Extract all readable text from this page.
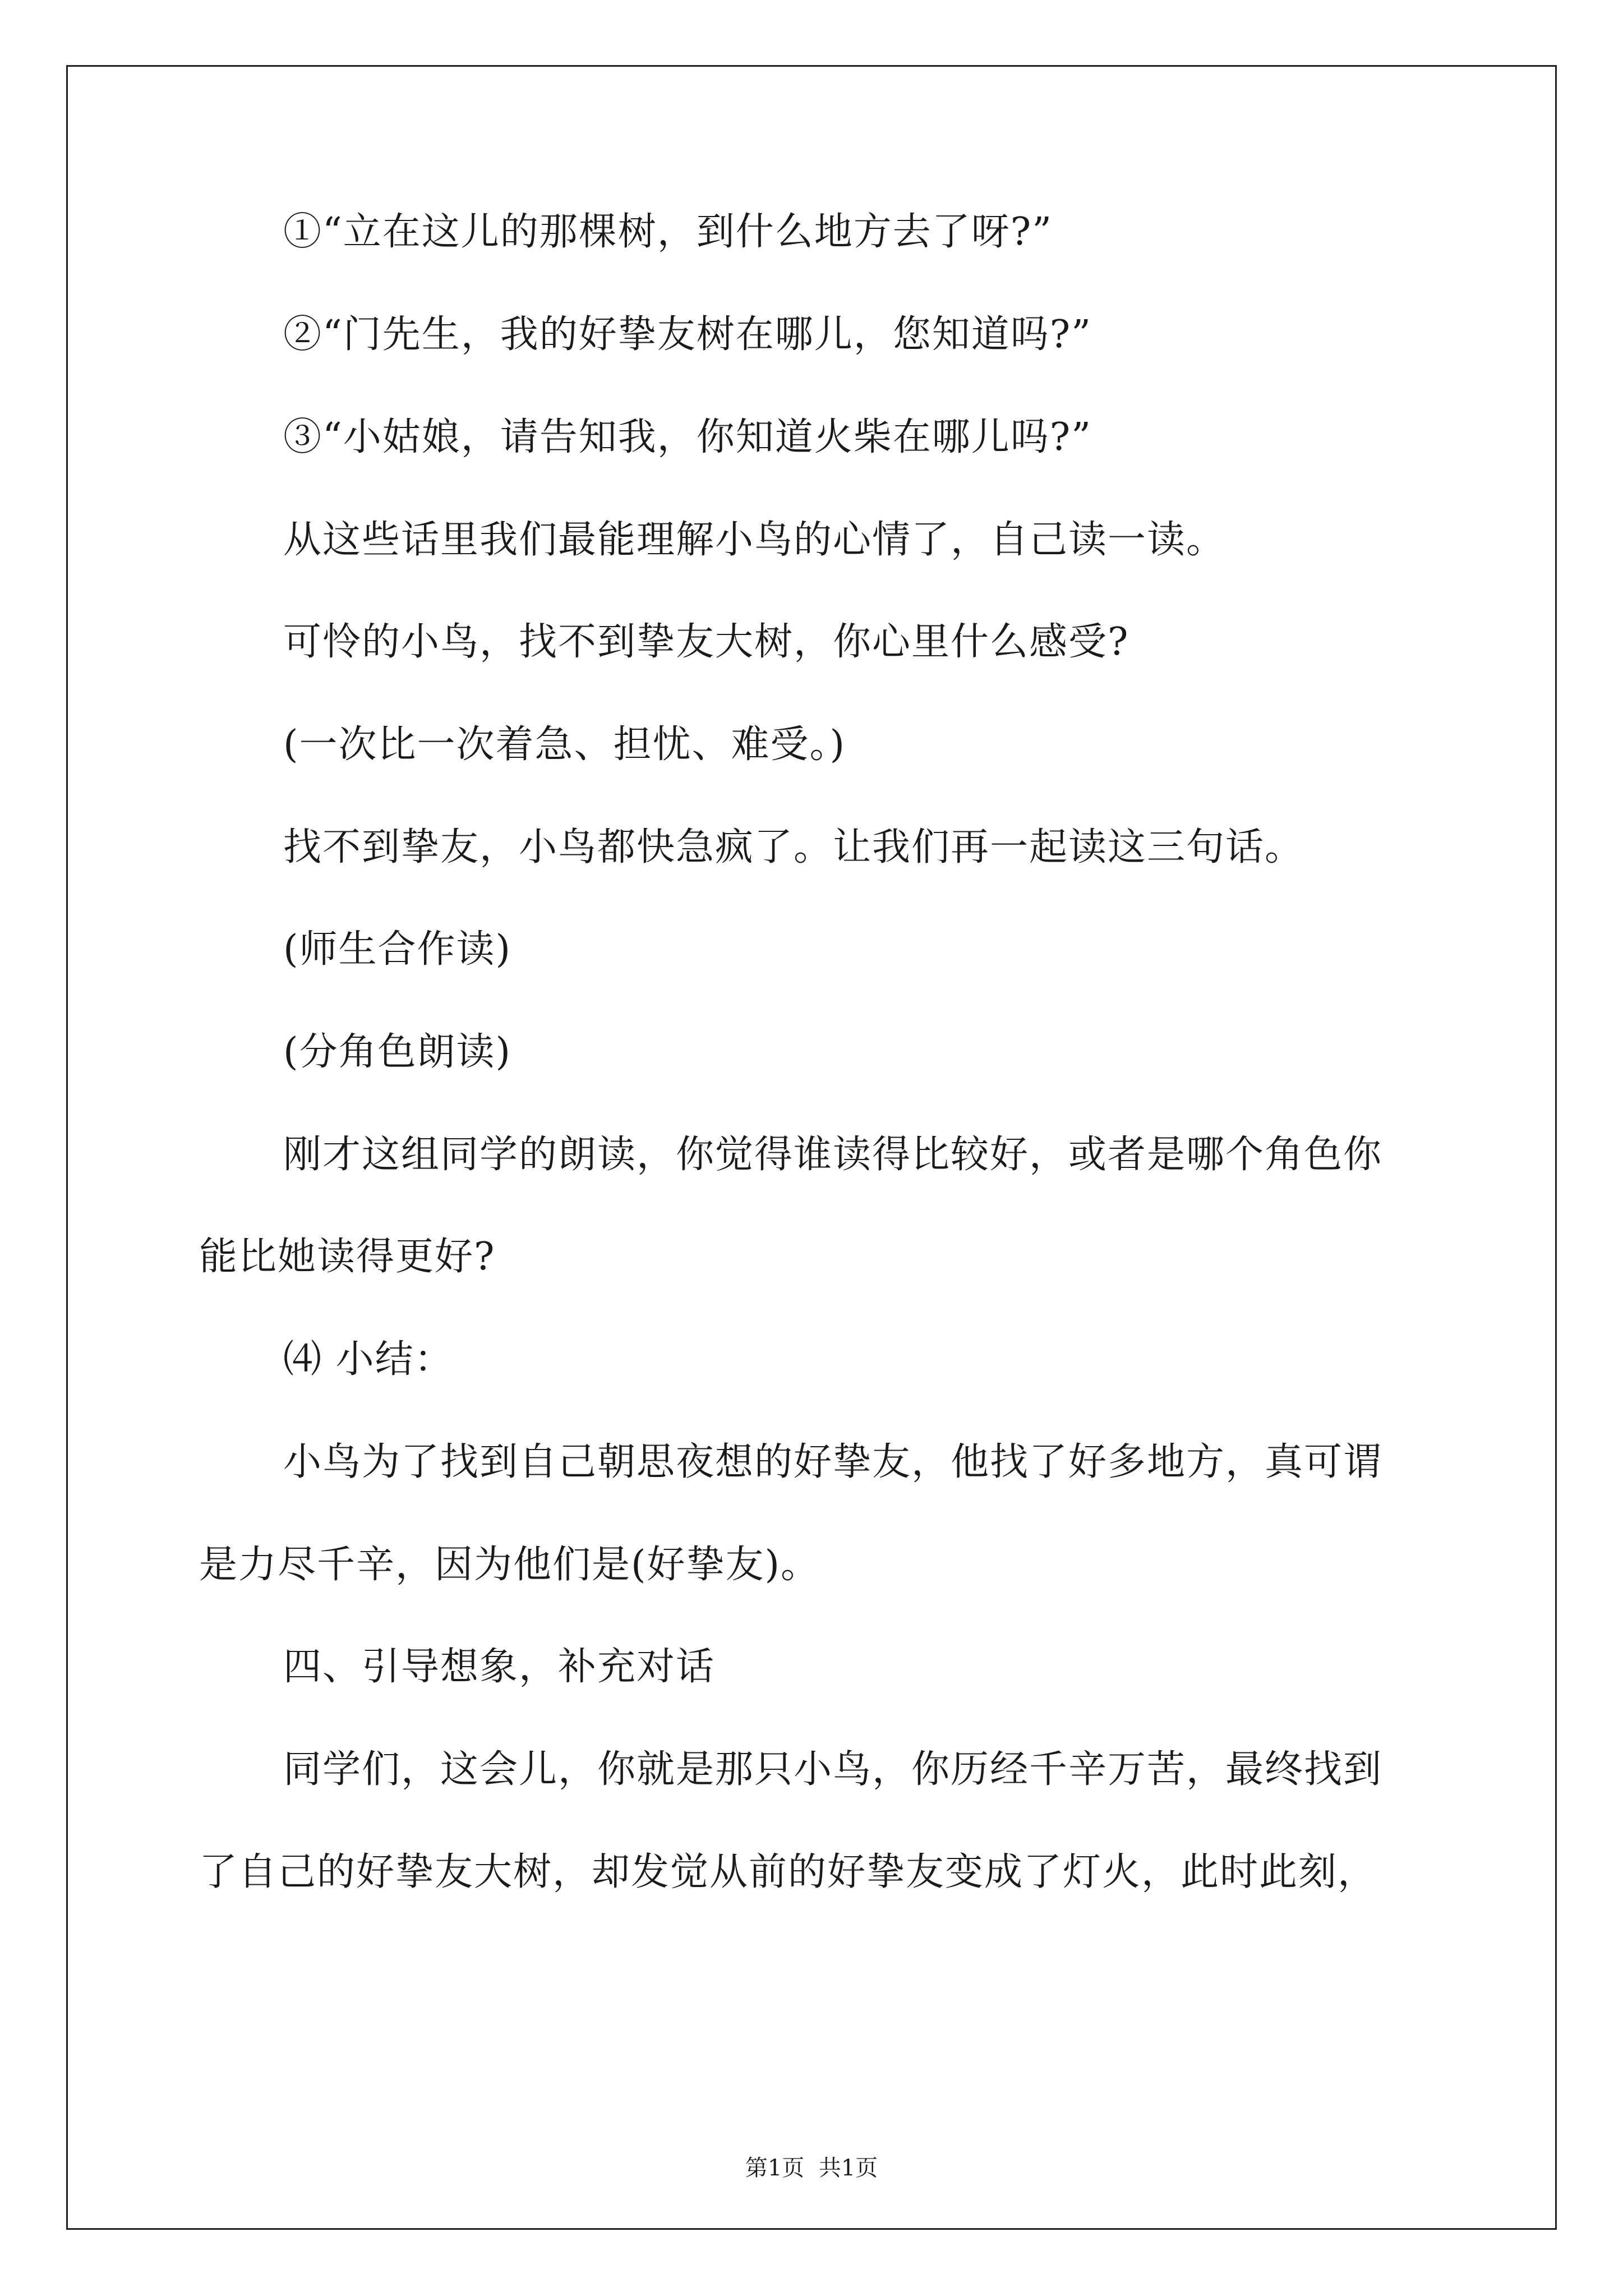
①“立在这儿的那棵树，到什么地方去了呀?”
②“门先生，我的好挚友树在哪儿，您知道吗?”
③“小姑娘，请告知我，你知道火柴在哪儿吗?”
从这些话里我们最能理解小鸟的心情了，自己读一读。
可怜的小鸟，找不到挚友大树，你心里什么感受?
(一次比一次着急、担忧、难受。)
找不到挚友，小鸟都快急疯了。让我们再一起读这三句话。
(师生合作读)
(分角色朗读)
刚才这组同学的朗读，你觉得谁读得比较好，或者是哪个角色你
能比她读得更好?
⑷ 小结：
小鸟为了找到自己朝思夜想的好挚友，他找了好多地方，真可谓
是力尽千辛，因为他们是(好挚友)。
四、引导想象，补充对话
同学们，这会儿，你就是那只小鸟，你历经千辛万苦，最终找到
了自己的好挚友大树，却发觉从前的好挚友变成了灯火，此时此刻，
第1页  共1页
